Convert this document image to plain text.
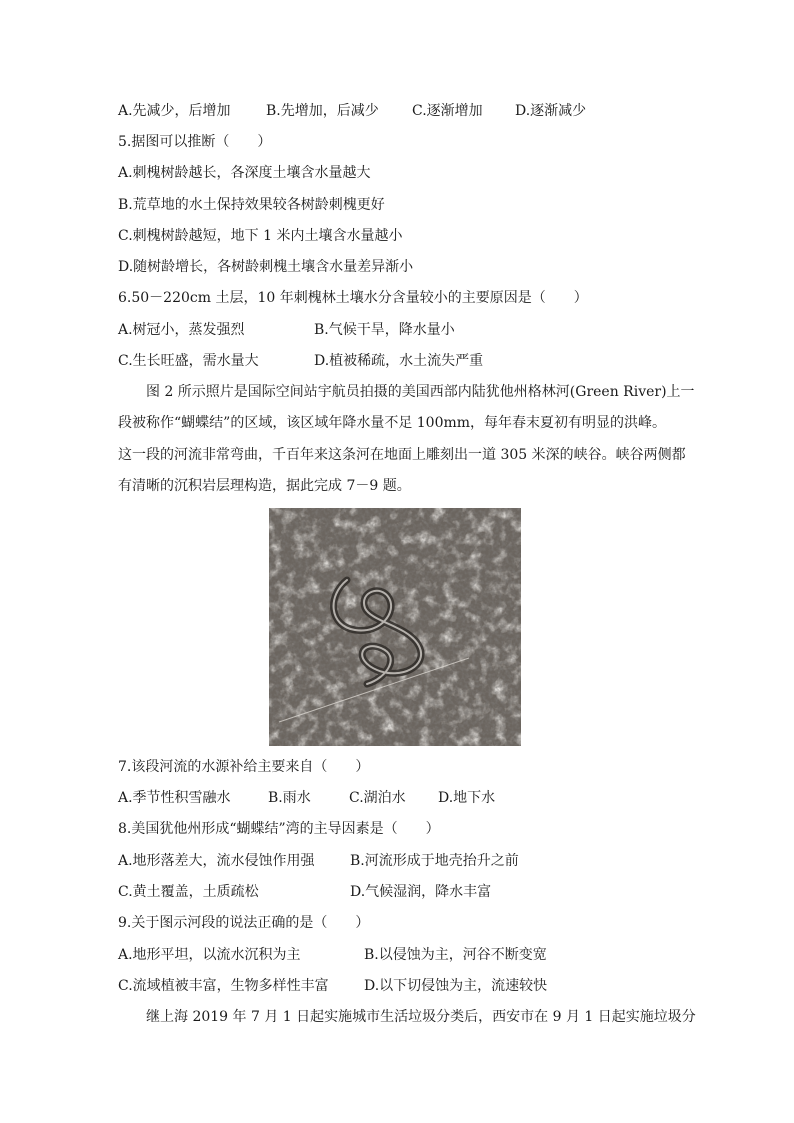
A.先减少，后增加	B.先增加，后减少 C.逐渐增加 D.逐渐减少
5.据图可以推断（　　）
A.刺槐树龄越长，各深度土壤含水量越大
B.荒草地的水土保持效果较各树龄刺槐更好
C.刺槐树龄越短，地下 1 米内土壤含水量越小
D.随树龄增长，各树龄刺槐土壤含水量差异渐小
6.50－220cm 土层，10 年刺槐林土壤水分含量较小的主要原因是（　　）
A.树冠小，蒸发强烈	B.气候干旱，降水量小
C.生长旺盛，需水量大	D.植被稀疏，水土流失严重
图 2 所示照片是国际空间站宇航员拍摄的美国西部内陆犹他州格林河(Green River)上一
段被称作“蝴蝶结”的区域，该区域年降水量不足 100mm，每年春末夏初有明显的洪峰。
这一段的河流非常弯曲，千百年来这条河在地面上雕刻出一道 305 米深的峡谷。峡谷两侧都
有清晰的沉积岩层理构造，据此完成 7－9 题。
7.该段河流的水源补给主要来自（　　）
A.季节性积雪融水	B.雨水	C.湖泊水 D.地下水
8.美国犹他州形成“蝴蝶结”湾的主导因素是（　　）
A.地形落差大，流水侵蚀作用强	B.河流形成于地壳抬升之前
C.黄土覆盖，土质疏松	D.气候湿润，降水丰富
9.关于图示河段的说法正确的是（　　）
A.地形平坦，以流水沉积为主	B.以侵蚀为主，河谷不断变宽
C.流域植被丰富，生物多样性丰富	D.以下切侵蚀为主，流速较快
继上海 2019 年 7 月 1 日起实施城市生活垃圾分类后，西安市在 9 月 1 日起实施垃圾分
